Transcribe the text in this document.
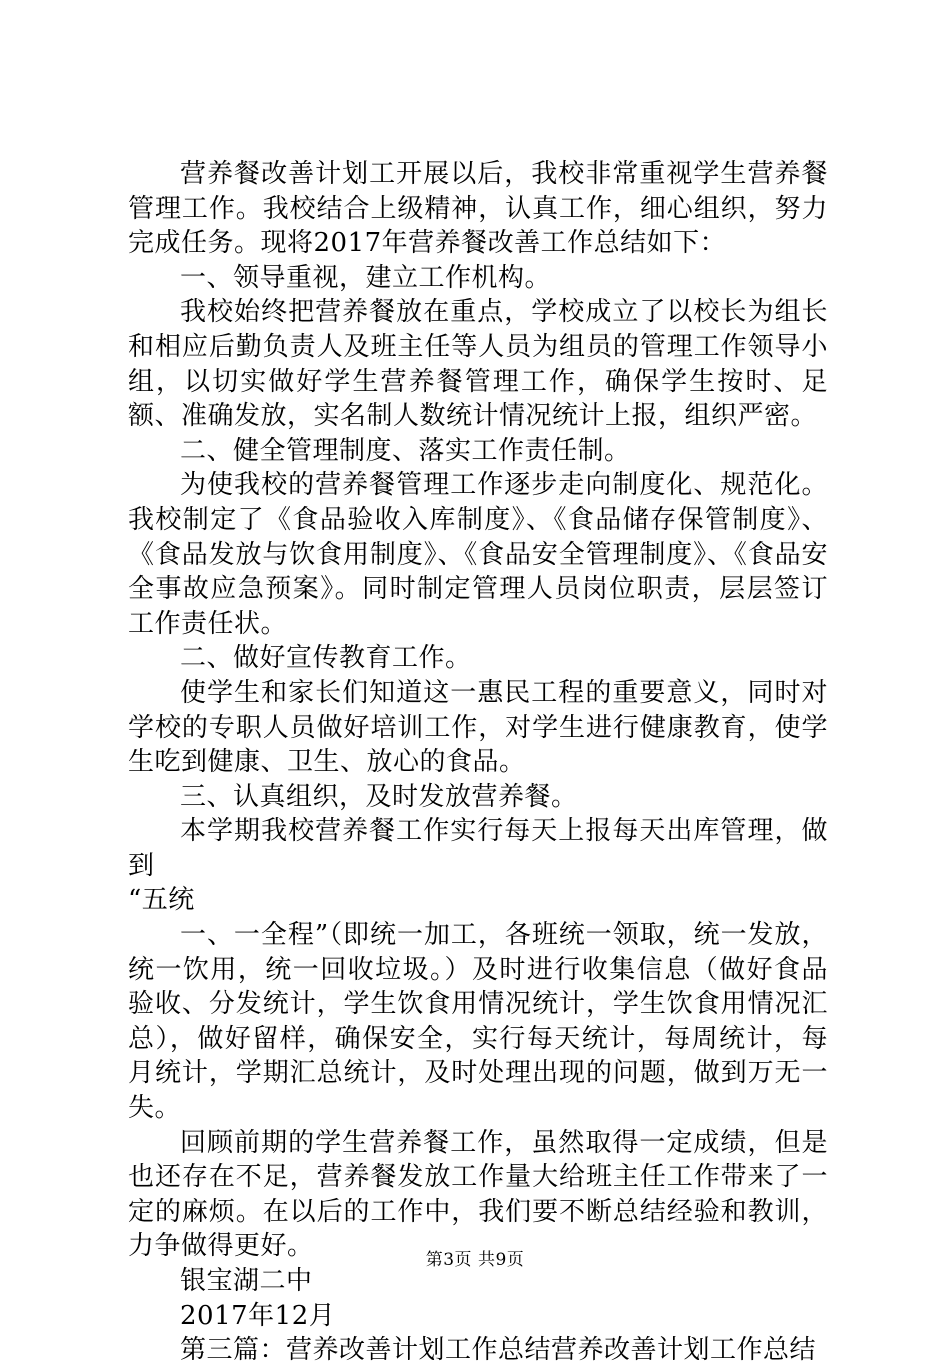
营养餐改善计划工开展以后，我校非常重视学生营养餐管理工作。我校结合上级精神，认真工作，细心组织，努力完成任务。现将2017年营养餐改善工作总结如下：

一、领导重视，建立工作机构。

我校始终把营养餐放在重点，学校成立了以校长为组长和相应后勤负责人及班主任等人员为组员的管理工作领导小组，以切实做好学生营养餐管理工作，确保学生按时、足额、准确发放，实名制人数统计情况统计上报，组织严密。

二、健全管理制度、落实工作责任制。

为使我校的营养餐管理工作逐步走向制度化、规范化。我校制定了《食品验收入库制度》、《食品储存保管制度》、《食品发放与饮食用制度》、《食品安全管理制度》、《食品安全事故应急预案》。同时制定管理人员岗位职责，层层签订工作责任状。

二、做好宣传教育工作。

使学生和家长们知道这一惠民工程的重要意义，同时对学校的专职人员做好培训工作，对学生进行健康教育，使学生吃到健康、卫生、放心的食品。

三、认真组织，及时发放营养餐。

本学期我校营养餐工作实行每天上报每天出库管理，做到

“五统

一、一全程”（即统一加工，各班统一领取，统一发放，统一饮用，统一回收垃圾。）及时进行收集信息（做好食品验收、分发统计，学生饮食用情况统计，学生饮食用情况汇总），做好留样，确保安全，实行每天统计，每周统计，每月统计，学期汇总统计，及时处理出现的问题，做到万无一失。

回顾前期的学生营养餐工作，虽然取得一定成绩，但是也还存在不足，营养餐发放工作量大给班主任工作带来了一定的麻烦。在以后的工作中，我们要不断总结经验和教训，力争做得更好。

银宝湖二中

2017年12月

第三篇：营养改善计划工作总结营养改善计划工作总结

第3页 共9页
